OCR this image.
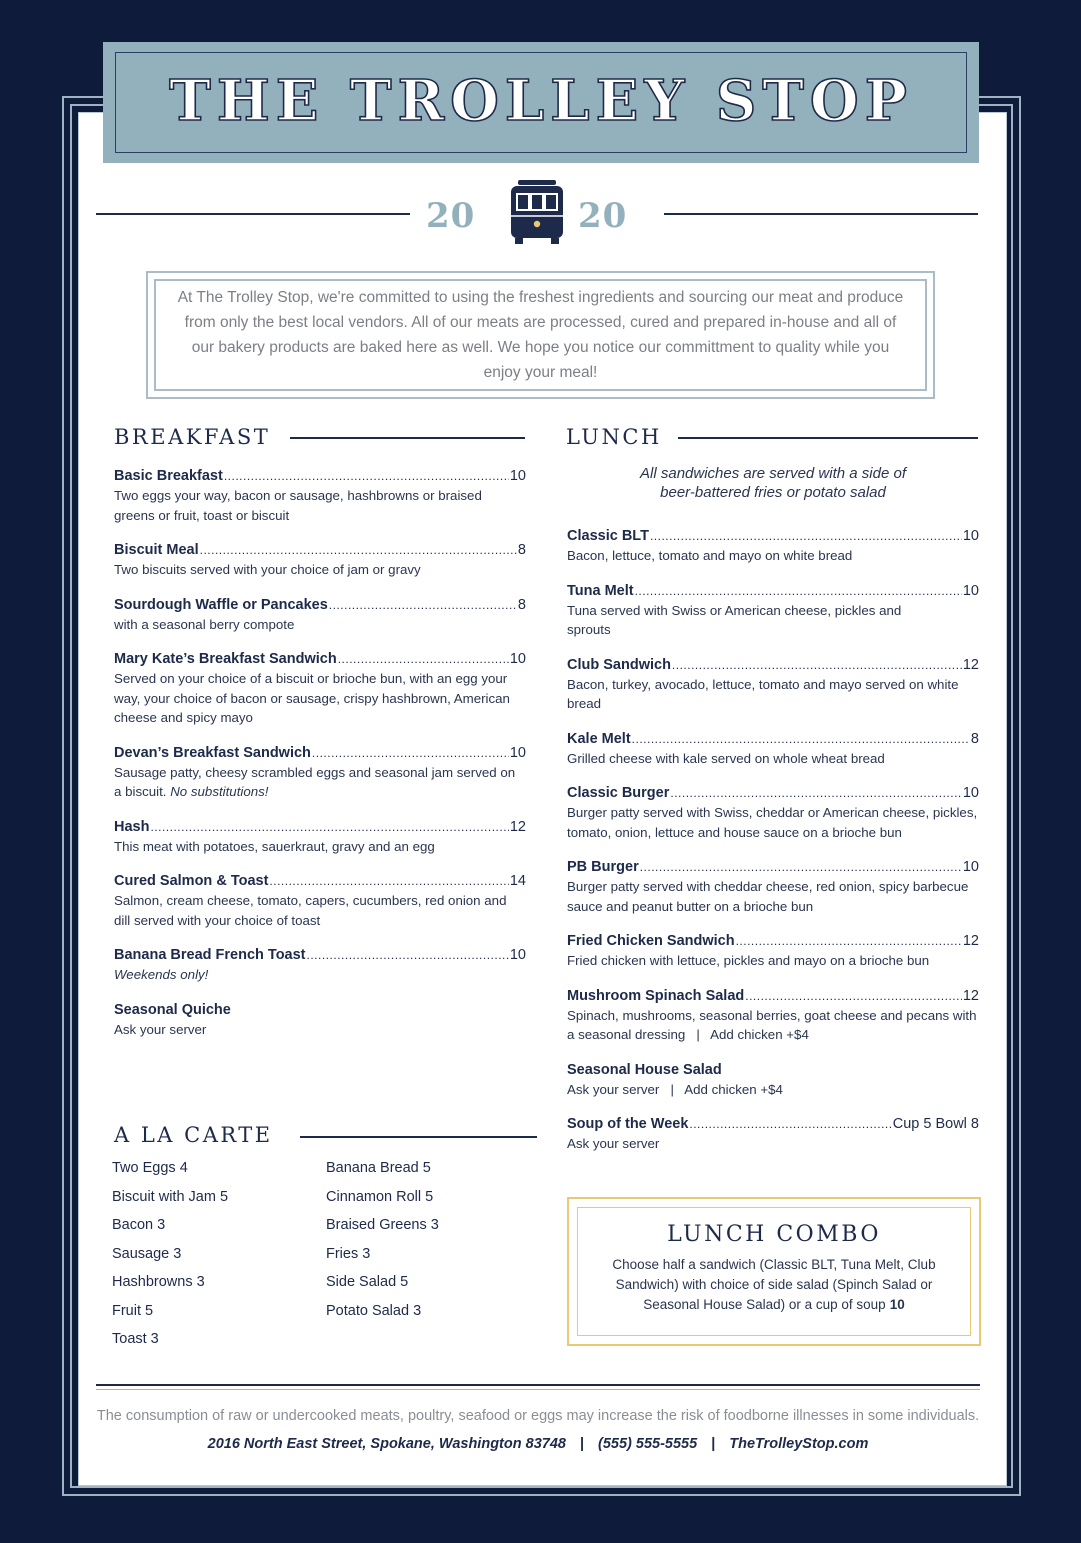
THE TROLLEY STOP
20	20
At The Trolley Stop, we're committed to using the freshest ingredients and sourcing our meat and produce from only the best local vendors. All of our meats are processed, cured and prepared in-house and all of our bakery products are baked here as well. We hope you notice our committment to quality while you enjoy your meal!
BREAKFAST
Basic Breakfast .....	10
Two eggs your way, bacon or sausage, hashbrowns or braised greens or fruit, toast or biscuit
Biscuit Meal .....	8
Two biscuits served with your choice of jam or gravy
Sourdough Waffle or Pancakes .....	8
with a seasonal berry compote
Mary Kate’s Breakfast Sandwich .....	10
Served on your choice of a biscuit or brioche bun, with an egg your way, your choice of bacon or sausage, crispy hashbrown, American cheese and spicy mayo
Devan’s Breakfast Sandwich .....	10
Sausage patty, cheesy scrambled eggs and seasonal jam served on a biscuit. No substitutions!
Hash .....	12
This meat with potatoes, sauerkraut, gravy and an egg
Cured Salmon & Toast .....	14
Salmon, cream cheese, tomato, capers, cucumbers, red onion and dill served with your choice of toast
Banana Bread French Toast .....	10
Weekends only!
Seasonal Quiche
Ask your server
A LA CARTE
Two Eggs 4
Biscuit with Jam 5
Bacon 3
Sausage 3
Hashbrowns 3
Fruit 5
Toast 3
Banana Bread 5
Cinnamon Roll 5
Braised Greens 3
Fries 3
Side Salad 5
Potato Salad 3
LUNCH
All sandwiches are served with a side of
beer-battered fries or potato salad
Classic BLT .....	10
Bacon, lettuce, tomato and mayo on white bread
Tuna Melt .....	10
Tuna served with Swiss or American cheese, pickles and sprouts
Club Sandwich .....	12
Bacon, turkey, avocado, lettuce, tomato and mayo served on white bread
Kale Melt .....	8
Grilled cheese with kale served on whole wheat bread
Classic Burger .....	10
Burger patty served with Swiss, cheddar or American cheese, pickles, tomato, onion, lettuce and house sauce on a brioche bun
PB Burger .....	10
Burger patty served with cheddar cheese, red onion, spicy barbecue sauce and peanut butter on a brioche bun
Fried Chicken Sandwich .....	12
Fried chicken with lettuce, pickles and mayo on a brioche bun
Mushroom Spinach Salad .....	12
Spinach, mushrooms, seasonal berries, goat cheese and pecans with a seasonal dressing   |   Add chicken +$4
Seasonal House Salad
Ask your server   |   Add chicken +$4
Soup of the Week .....	Cup 5 Bowl 8
Ask your server
LUNCH COMBO
Choose half a sandwich (Classic BLT, Tuna Melt, Club Sandwich) with choice of side salad (Spinch Salad or Seasonal House Salad) or a cup of soup 10
The consumption of raw or undercooked meats, poultry, seafood or eggs may increase the risk of foodborne illnesses in some individuals.
2016 North East Street, Spokane, Washington 83748 | (555) 555-5555 | TheTrolleyStop.com
